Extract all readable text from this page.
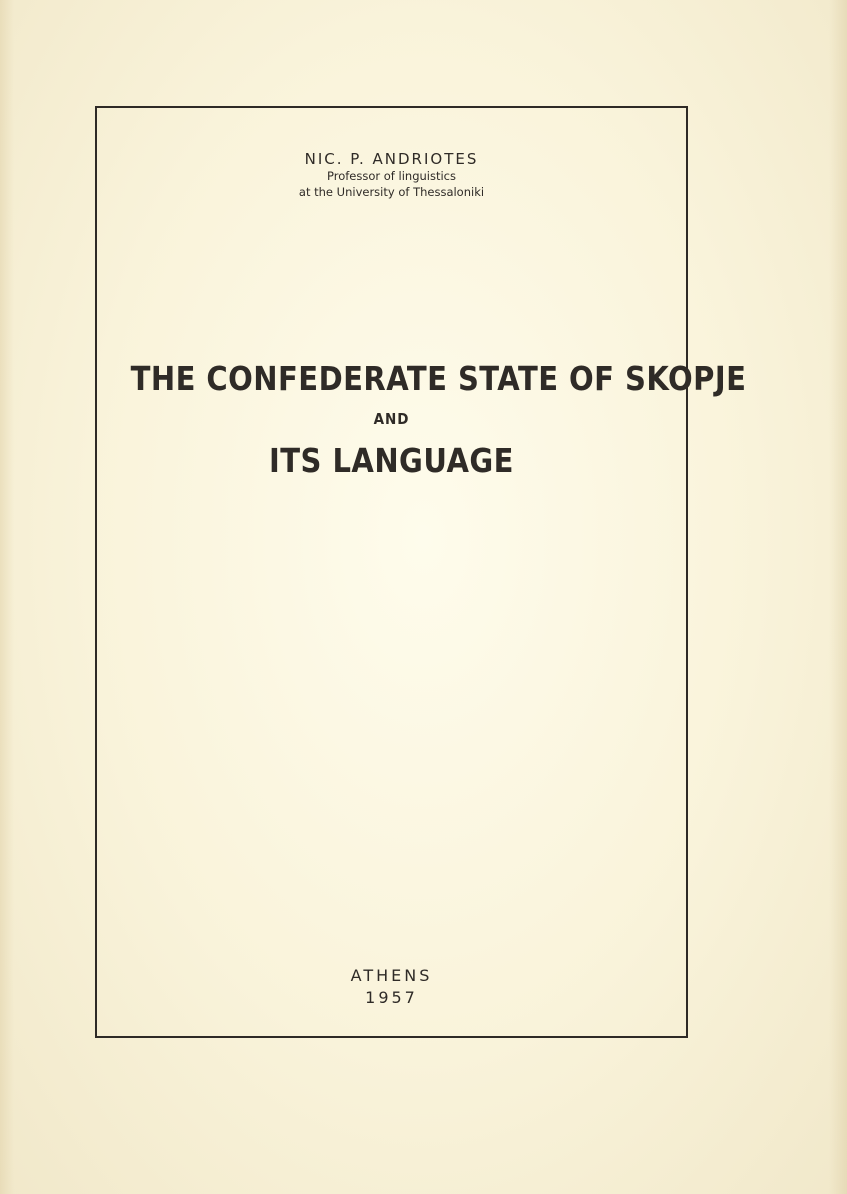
NIC. P. ANDRIOTES
Professor of linguistics
at the University of Thessaloniki
THE CONFEDERATE STATE OF SKOPJE
AND
ITS LANGUAGE
ATHENS
1957
